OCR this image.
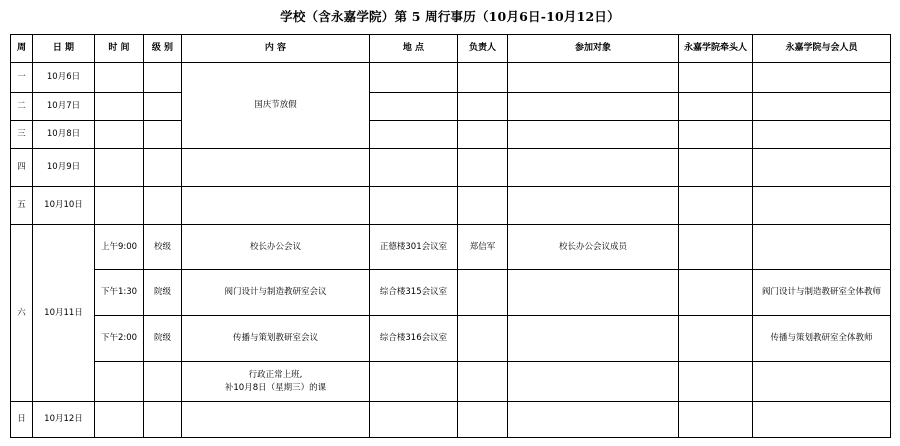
学校（含永嘉学院）第 5 周行事历（10月6日-10月12日）
周	日 期	时 间	级 别	内 容	地 点	负责人	参加对象	永嘉学院牵头人	永嘉学院与会人员
一	10月6日			国庆节放假					
二	10月7日								
三	10月8日								
四	10月9日								
五	10月10日								
六	10月11日	上午9:00	校级	校长办公会议	正德楼301会议室	郑信军	校长办公会议成员		
		下午1:30	院级	阀门设计与制造教研室会议	综合楼315会议室				阀门设计与制造教研室全体教师
		下午2:00	院级	传播与策划教研室会议	综合楼316会议室				传播与策划教研室全体教师

				行政正常上班,
补10月8日（星期三）的课					

日	10月12日								
